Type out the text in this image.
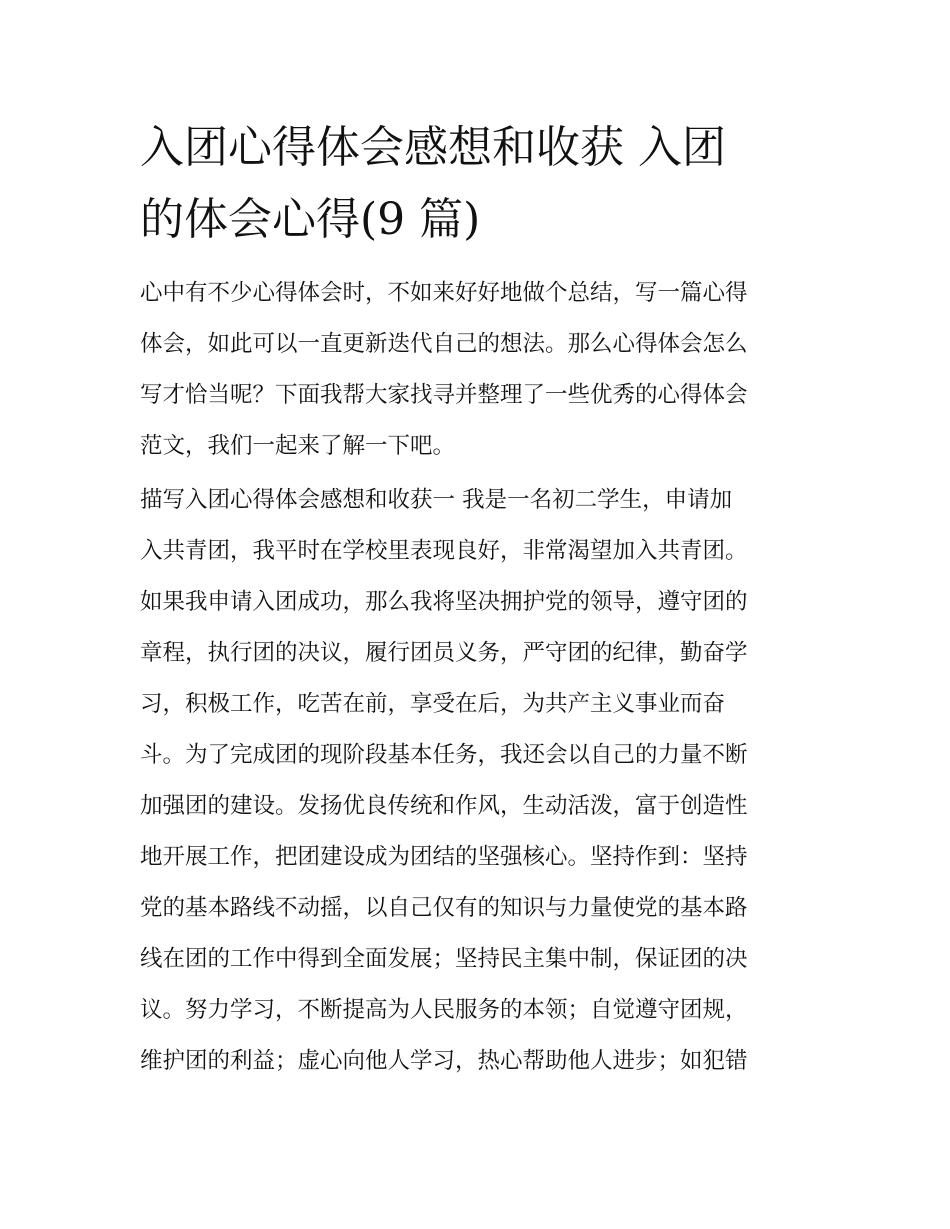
入团心得体会感想和收获 入团
的体会心得(9 篇)
心中有不少心得体会时，不如来好好地做个总结，写一篇心得
体会，如此可以一直更新迭代自己的想法。那么心得体会怎么
写才恰当呢？下面我帮大家找寻并整理了一些优秀的心得体会
范文，我们一起来了解一下吧。
描写入团心得体会感想和收获一 我是一名初二学生，申请加
入共青团，我平时在学校里表现良好，非常渴望加入共青团。
如果我申请入团成功，那么我将坚决拥护党的领导，遵守团的
章程，执行团的决议，履行团员义务，严守团的纪律，勤奋学
习，积极工作，吃苦在前，享受在后，为共产主义事业而奋
斗。为了完成团的现阶段基本任务，我还会以自己的力量不断
加强团的建设。发扬优良传统和作风，生动活泼，富于创造性
地开展工作，把团建设成为团结的坚强核心。坚持作到：坚持
党的基本路线不动摇，以自己仅有的知识与力量使党的基本路
线在团的工作中得到全面发展；坚持民主集中制，保证团的决
议。努力学习，不断提高为人民服务的本领；自觉遵守团规，
维护团的利益；虚心向他人学习，热心帮助他人进步；如犯错
